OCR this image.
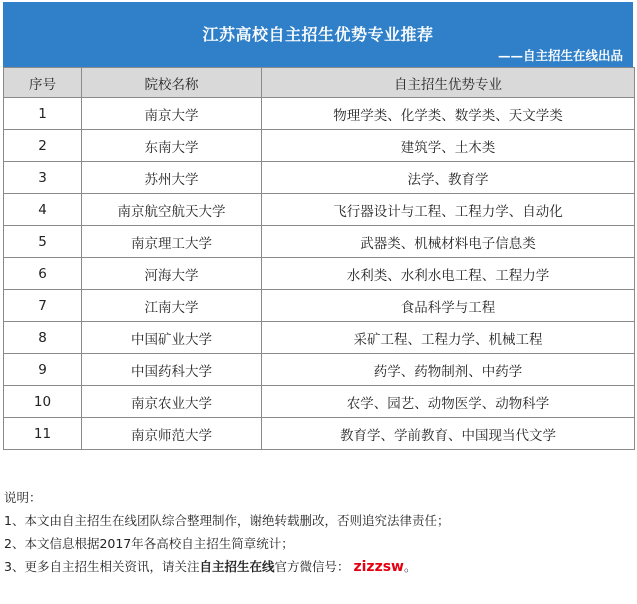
江苏高校自主招生优势专业推荐
——自主招生在线出品
序号	院校名称	自主招生优势专业
1	南京大学	物理学类、化学类、数学类、天文学类
2	东南大学	建筑学、土木类
3	苏州大学	法学、教育学
4	南京航空航天大学	飞行器设计与工程、工程力学、自动化
5	南京理工大学	武器类、机械材料电子信息类
6	河海大学	水利类、水利水电工程、工程力学
7	江南大学	食品科学与工程
8	中国矿业大学	采矿工程、工程力学、机械工程
9	中国药科大学	药学、药物制剂、中药学
10	南京农业大学	农学、园艺、动物医学、动物科学
11	南京师范大学	教育学、学前教育、中国现当代文学
说明：
1、本文由自主招生在线团队综合整理制作，谢绝转载删改，否则追究法律责任；
2、本文信息根据2017年各高校自主招生简章统计；
3、更多自主招生相关资讯，请关注自主招生在线官方微信号： zizzsw。
